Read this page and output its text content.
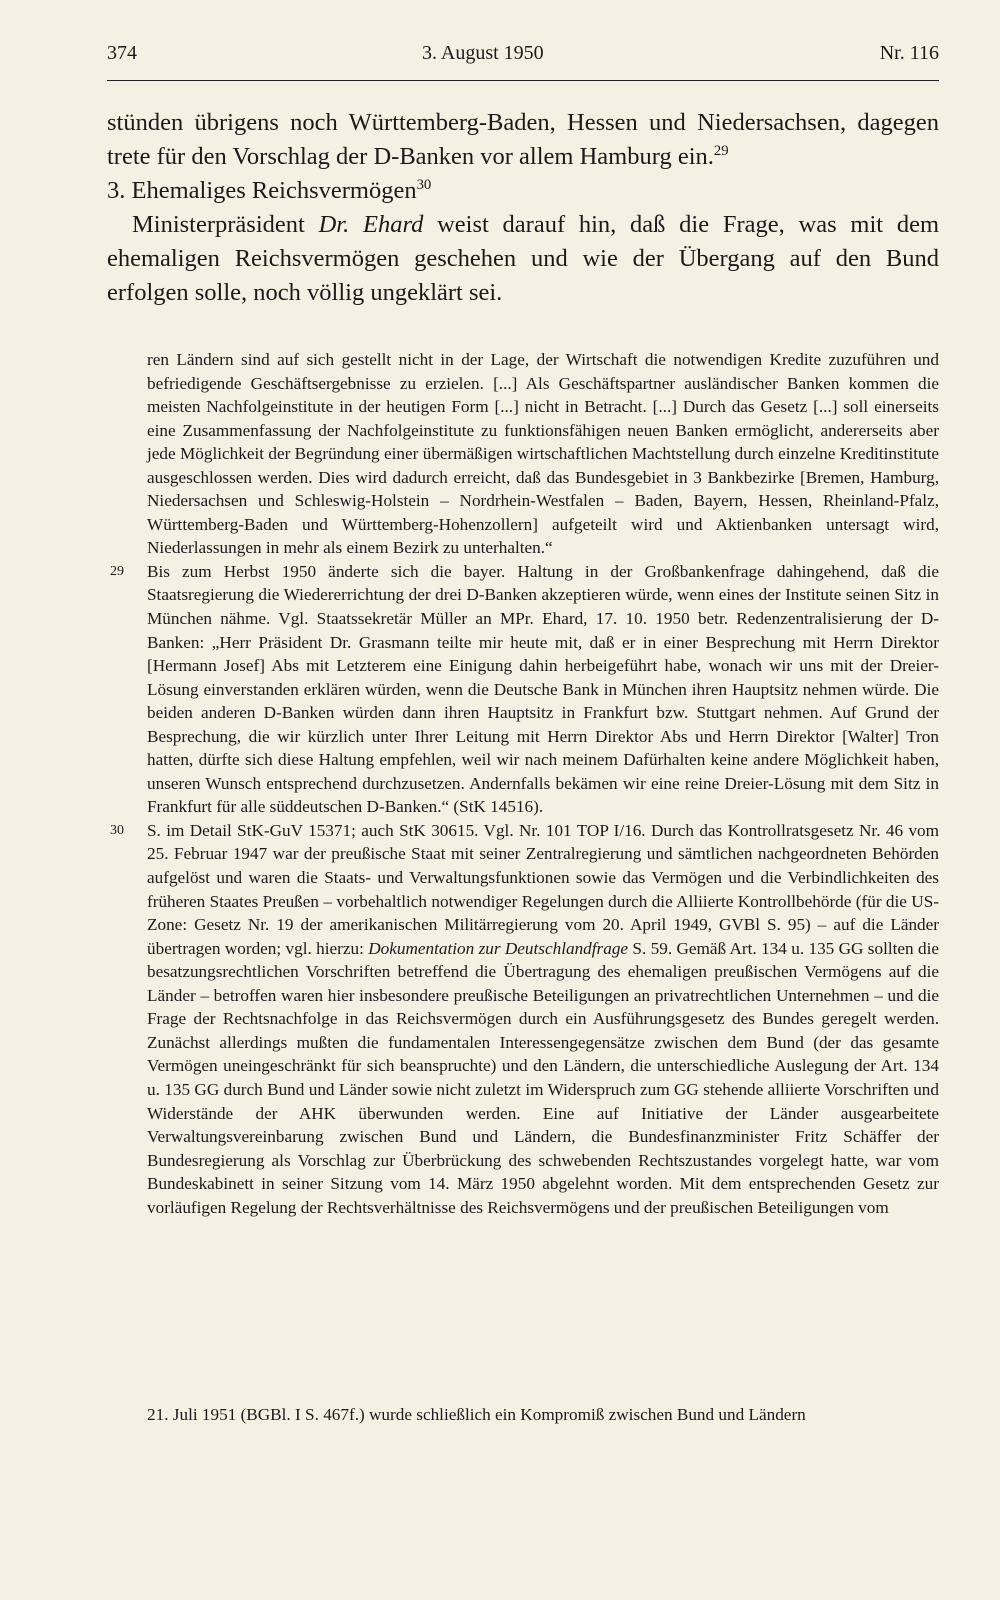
374	3. August 1950	Nr. 116

stünden übrigens noch Württemberg-Baden, Hessen und Niedersachsen, dagegen trete für den Vorschlag der D-Banken vor allem Hamburg ein.$^{29}$

3. Ehemaliges Reichsvermögen$^{30}$

Ministerpräsident Dr. Ehard weist darauf hin, daß die Frage, was mit dem ehemaligen Reichsvermögen geschehen und wie der Übergang auf den Bund erfolgen solle, noch völlig ungeklärt sei.

ren Ländern sind auf sich gestellt nicht in der Lage, der Wirtschaft die notwendigen Kredite zuzuführen und befriedigende Geschäftsergebnisse zu erzielen. [...] Als Geschäftspartner ausländischer Banken kommen die meisten Nachfolgeinstitute in der heutigen Form [...] nicht in Betracht. [...] Durch das Gesetz [...] soll einerseits eine Zusammenfassung der Nachfolgeinstitute zu funktionsfähigen neuen Banken ermöglicht, andererseits aber jede Möglichkeit der Begründung einer übermäßigen wirtschaftlichen Machtstellung durch einzelne Kreditinstitute ausgeschlossen werden. Dies wird dadurch erreicht, daß das Bundesgebiet in 3 Bankbezirke [Bremen, Hamburg, Niedersachsen und Schleswig-Holstein – Nordrhein-Westfalen – Baden, Bayern, Hessen, Rheinland-Pfalz, Württemberg-Baden und Württemberg-Hohenzollern] aufgeteilt wird und Aktienbanken untersagt wird, Niederlassungen in mehr als einem Bezirk zu unterhalten.“

29 Bis zum Herbst 1950 änderte sich die bayer. Haltung in der Großbankenfrage dahingehend, daß die Staatsregierung die Wiedererrichtung der drei D-Banken akzeptieren würde, wenn eines der Institute seinen Sitz in München nähme. Vgl. Staatssekretär Müller an MPr. Ehard, 17. 10. 1950 betr. Redenzentralisierung der D-Banken: „Herr Präsident Dr. Grasmann teilte mir heute mit, daß er in einer Besprechung mit Herrn Direktor [Hermann Josef] Abs mit Letzterem eine Einigung dahin herbeigeführt habe, wonach wir uns mit der Dreier-Lösung einverstanden erklären würden, wenn die Deutsche Bank in München ihren Hauptsitz nehmen würde. Die beiden anderen D-Banken würden dann ihren Hauptsitz in Frankfurt bzw. Stuttgart nehmen. Auf Grund der Besprechung, die wir kürzlich unter Ihrer Leitung mit Herrn Direktor Abs und Herrn Direktor [Walter] Tron hatten, dürfte sich diese Haltung empfehlen, weil wir nach meinem Dafürhalten keine andere Möglichkeit haben, unseren Wunsch entsprechend durchzusetzen. Andernfalls bekämen wir eine reine Dreier-Lösung mit dem Sitz in Frankfurt für alle süddeutschen D-Banken.“ (StK 14516).

30 S. im Detail StK-GuV 15371; auch StK 30615. Vgl. Nr. 101 TOP I/16. Durch das Kontrollratsgesetz Nr. 46 vom 25. Februar 1947 war der preußische Staat mit seiner Zentralregierung und sämtlichen nachgeordneten Behörden aufgelöst und waren die Staats- und Verwaltungsfunktionen sowie das Vermögen und die Verbindlichkeiten des früheren Staates Preußen – vorbehaltlich notwendiger Regelungen durch die Alliierte Kontrollbehörde (für die US-Zone: Gesetz Nr. 19 der amerikanischen Militärregierung vom 20. April 1949, GVBl S. 95) – auf die Länder übertragen worden; vgl. hierzu: Dokumentation zur Deutschlandfrage S. 59. Gemäß Art. 134 u. 135 GG sollten die besatzungsrechtlichen Vorschriften betreffend die Übertragung des ehemaligen preußischen Vermögens auf die Länder – betroffen waren hier insbesondere preußische Beteiligungen an privatrechtlichen Unternehmen – und die Frage der Rechtsnachfolge in das Reichsvermögen durch ein Ausführungsgesetz des Bundes geregelt werden. Zunächst allerdings mußten die fundamentalen Interessengegensätze zwischen dem Bund (der das gesamte Vermögen uneingeschränkt für sich beanspruchte) und den Ländern, die unterschiedliche Auslegung der Art. 134 u. 135 GG durch Bund und Länder sowie nicht zuletzt im Widerspruch zum GG stehende alliierte Vorschriften und Widerstände der AHK überwunden werden. Eine auf Initiative der Länder ausgearbeitete Verwaltungsvereinbarung zwischen Bund und Ländern, die Bundesfinanzminister Fritz Schäffer der Bundesregierung als Vorschlag zur Überbrückung des schwebenden Rechtszustandes vorgelegt hatte, war vom Bundeskabinett in seiner Sitzung vom 14. März 1950 abgelehnt worden. Mit dem entsprechenden Gesetz zur vorläufigen Regelung der Rechtsverhältnisse des Reichsvermögens und der preußischen Beteiligungen vom

21. Juli 1951 (BGBl. I S. 467f.) wurde schließlich ein Kompromiß zwischen Bund und Ländern
